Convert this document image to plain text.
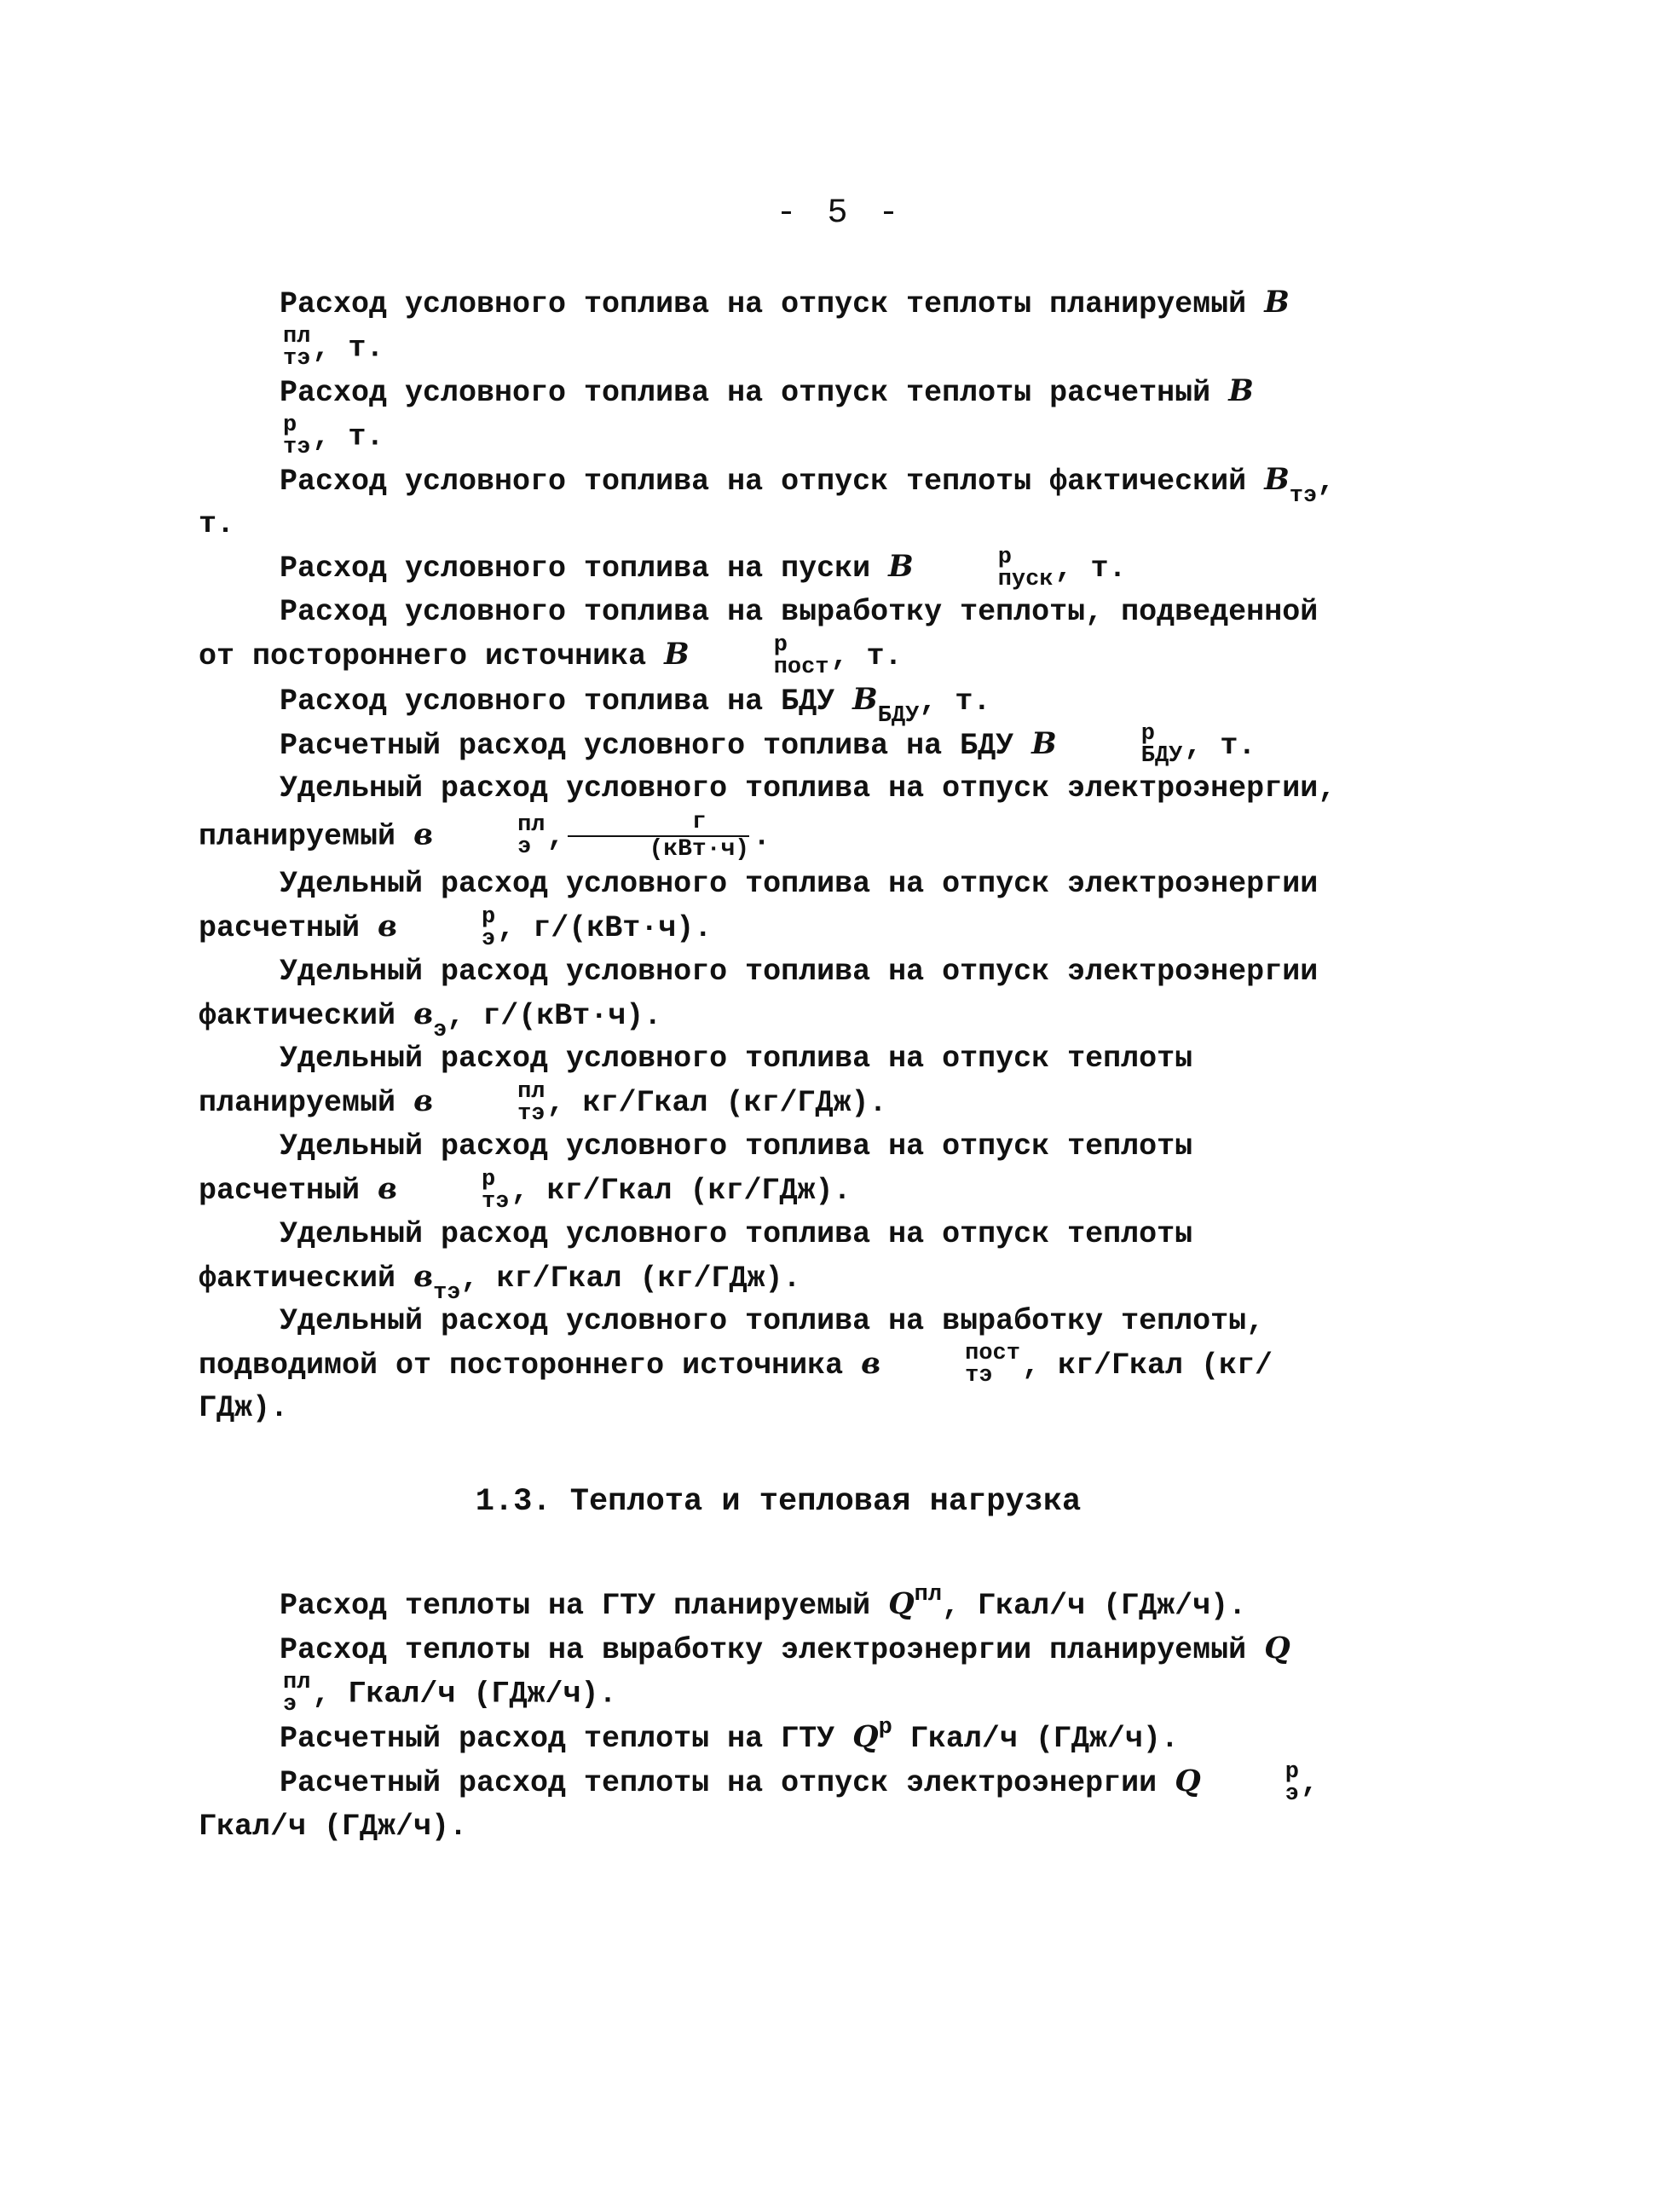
- 5 -

Расход условного топлива на отпуск теплоты планируемый В
пл
тэ , т.

Расход условного топлива на отпуск теплоты расчетный В
р
тэ , т.

Расход условного топлива на отпуск теплоты фактический $В_{тэ}$, т.

Расход условного топлива на пуски В	р
пуск , т.

Расход условного топлива на выработку теплоты, подведенной от постороннего источника В	р
пост , т.

Расход условного топлива на БДУ $В_{БДУ}$, т.

Расчетный расход условного топлива на БДУ В	р
БДУ , т.

Удельный расход условного топлива на отпуск электроэнергии, планируемый в	пл
э , $\frac{г}{\text{(кВт·ч)}}$ .

Удельный расход условного топлива на отпуск электроэнергии расчетный в	р
э , г/(кВт·ч).

Удельный расход условного топлива на отпуск электроэнергии фактический $в_э$, г/(кВт·ч).

Удельный расход условного топлива на отпуск теплоты планируемый в	пл
тэ , кг/Гкал (кг/ГДж).

Удельный расход условного топлива на отпуск теплоты расчетный в	р
тэ , кг/Гкал (кг/ГДж).

Удельный расход условного топлива на отпуск теплоты фактический $в_{тэ}$, кг/Гкал (кг/ГДж).

Удельный расход условного топлива на выработку теплоты, подводимой от постороннего источника в	пост
тэ , кг/Гкал (кг/ГДж).

1.3. Теплота и тепловая нагрузка

Расход теплоты на ГТУ планируемый $Q^{пл}$, Гкал/ч (ГДж/ч).

Расход теплоты на выработку электроэнергии планируемый Q
пл
э , Гкал/ч (ГДж/ч).

Расчетный расход теплоты на ГТУ $Q^р$ Гкал/ч (ГДж/ч).

Расчетный расход теплоты на отпуск электроэнергии Q	р
э , Гкал/ч (ГДж/ч).
